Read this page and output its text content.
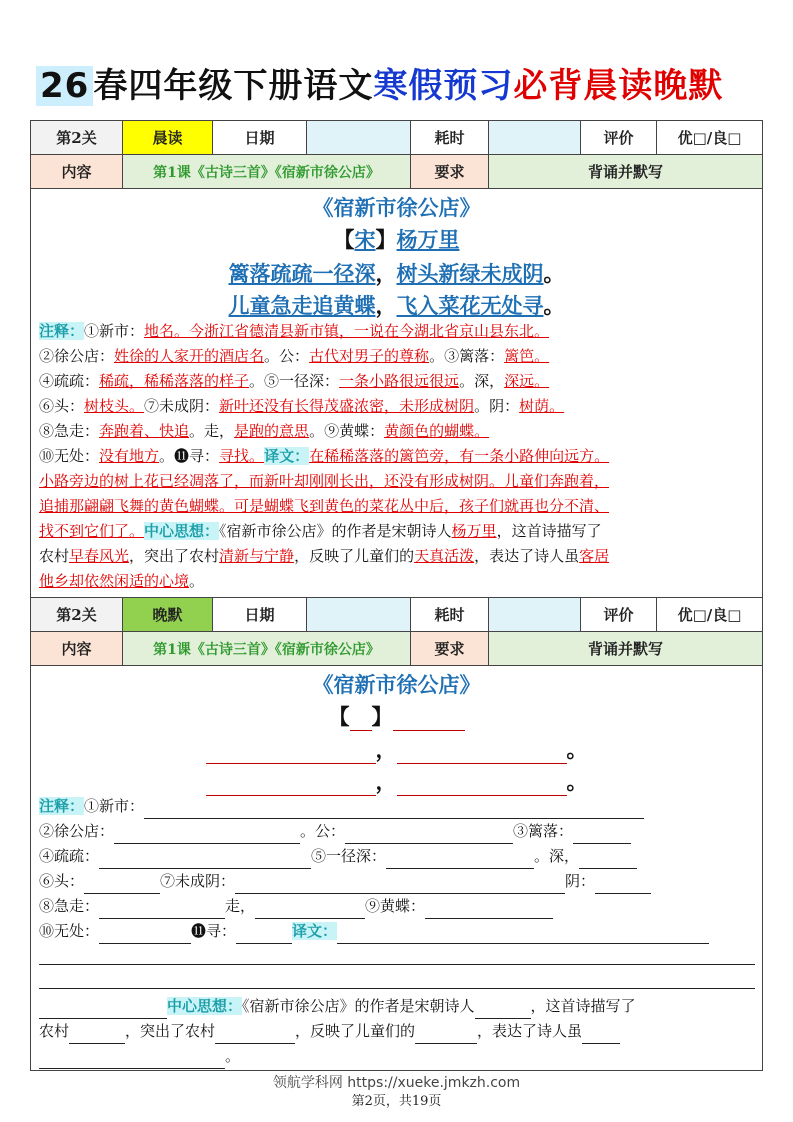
26 春四年级下册语文寒假预习必背晨读晚默
第2关	晨读	日期	耗时	评价	优□/良□
内容	第1课《古诗三首》《宿新市徐公店》	要求	背诵并默写
《宿新市徐公店》
【宋】杨万里
篱落疏疏一径深，树头新绿未成阴。
儿童急走追黄蝶，飞入菜花无处寻。
注释：①新市：地名。今浙江省德清县新市镇，一说在今湖北省京山县东北。
②徐公店：姓徐的人家开的酒店名。公：古代对男子的尊称。③篱落：篱笆。
④疏疏：稀疏，稀稀落落的样子。⑤一径深：一条小路很远很远。深，深远。
⑥头：树枝头。⑦未成阴：新叶还没有长得茂盛浓密，未形成树阴。阴：树荫。
⑧急走：奔跑着、快追。走，是跑的意思。⑨黄蝶：黄颜色的蝴蝶。
⑩无处：没有地方。⓫寻：寻找。译文：在稀稀落落的篱笆旁，有一条小路伸向远方。
小路旁边的树上花已经凋落了，而新叶却刚刚长出，还没有形成树阴。儿童们奔跑着，
追捕那翩翩飞舞的黄色蝴蝶。可是蝴蝶飞到黄色的菜花丛中后，孩子们就再也分不清、
找不到它们了。中心思想：《宿新市徐公店》的作者是宋朝诗人杨万里，这首诗描写了
农村早春风光，突出了农村清新与宁静，反映了儿童们的天真活泼，表达了诗人虽客居
他乡却依然闲适的心境。
第2关	晚默	日期	耗时	评价	优□/良□
内容	第1课《古诗三首》《宿新市徐公店》	要求	背诵并默写
《宿新市徐公店》
【 】
，	。
，	。
注释：①新市：
②徐公店：	。公：	③篱落：
④疏疏：	⑤一径深：	。深，
⑥头：	⑦未成阴：	阴：
⑧急走：	走，	⑨黄蝶：
⑩无处：	⓫寻：	译文：
中心思想：《宿新市徐公店》的作者是宋朝诗人	，这首诗描写了
农村	，突出了农村	，反映了儿童们的	，表达了诗人虽
。
领航学科网 https://xueke.jmkzh.com
第2页，共19页
